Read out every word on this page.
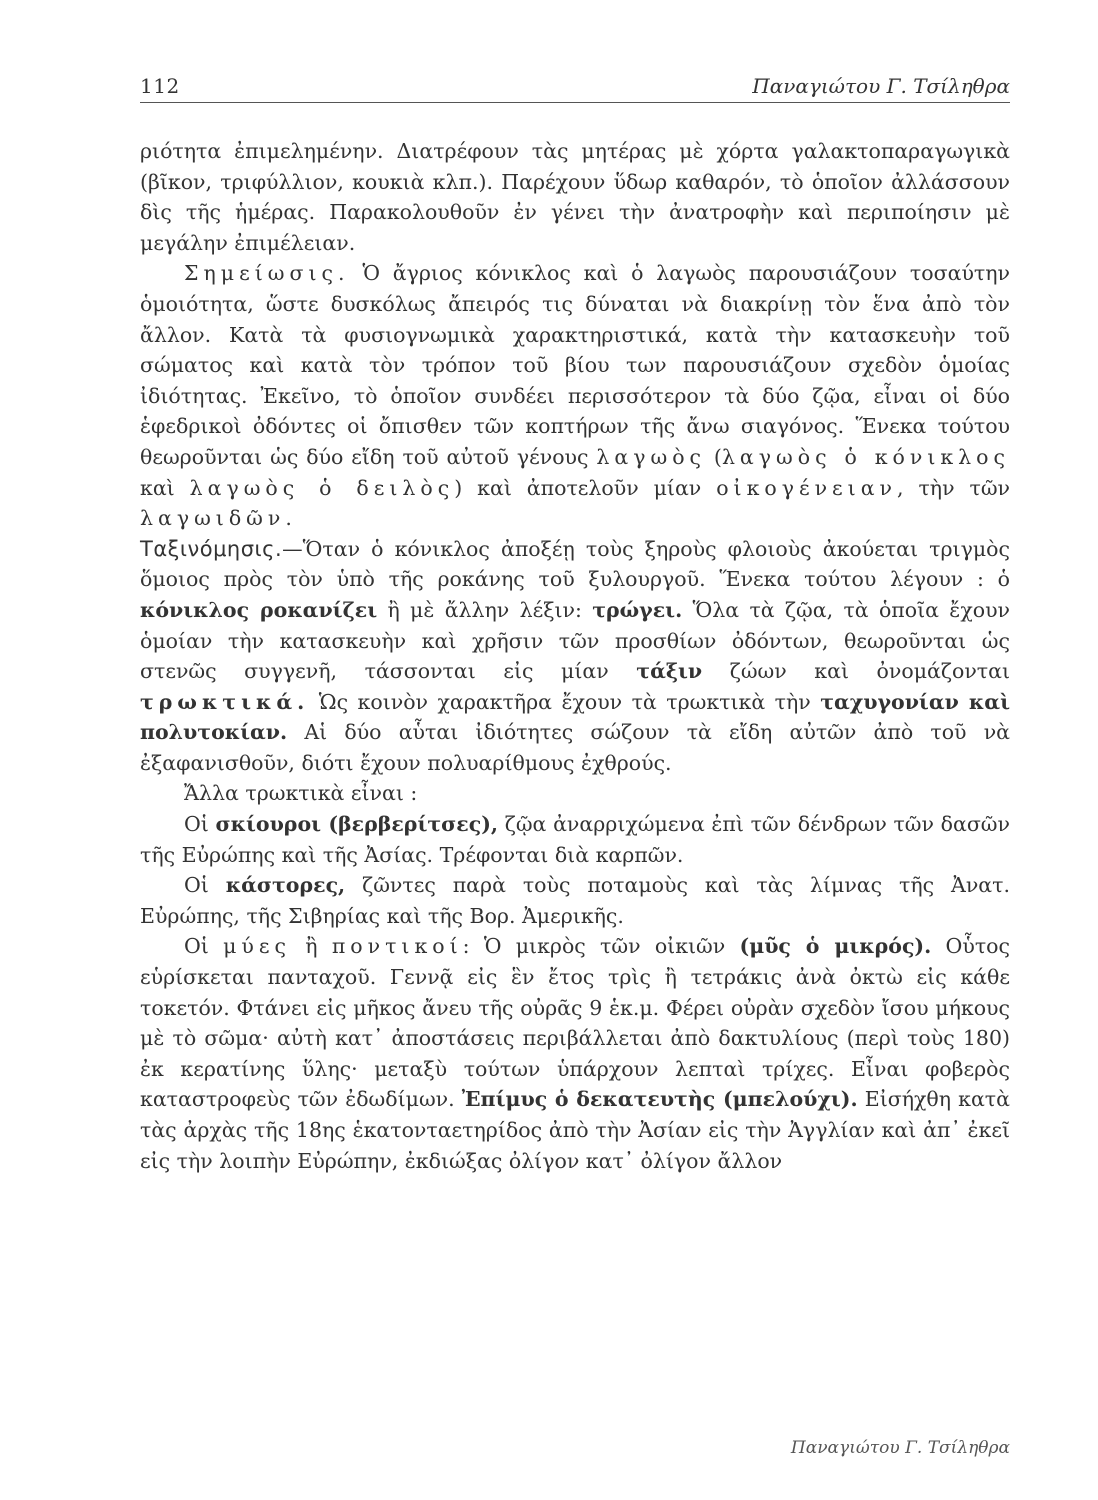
112	Παναγιώτου Γ. Τσίληθρα

ριότητα ἐπιμελημένην. Διατρέφουν τὰς μητέρας μὲ χόρτα γαλακτοπαραγωγικὰ (βῖκον, τριφύλλιον, κουκιὰ κλπ.). Παρέχουν ὕδωρ καθαρόν, τὸ ὁποῖον ἀλλάσσουν δὶς τῆς ἡμέρας. Παρακολουθοῦν ἐν γένει τὴν ἀνατροφὴν καὶ περιποίησιν μὲ μεγάλην ἐπιμέλειαν.

Σημείωσις. Ὁ ἄγριος κόνικλος καὶ ὁ λαγωὸς παρουσιάζουν τοσαύτην ὁμοιότητα, ὥστε δυσκόλως ἄπειρός τις δύναται νὰ διακρίνῃ τὸν ἕνα ἀπὸ τὸν ἄλλον. Κατὰ τὰ φυσιογνωμικὰ χαρακτηριστικά, κατὰ τὴν κατασκευὴν τοῦ σώματος καὶ κατὰ τὸν τρόπον τοῦ βίου των παρουσιάζουν σχεδὸν ὁμοίας ἰδιότητας. Ἐκεῖνο, τὸ ὁποῖον συνδέει περισσότερον τὰ δύο ζῷα, εἶναι οἱ δύο ἑφεδρικοὶ ὀδόντες οἱ ὄπισθεν τῶν κοπτήρων τῆς ἄνω σιαγόνος. Ἕνεκα τούτου θεωροῦνται ὡς δύο εἴδη τοῦ αὐτοῦ γένους λαγωὸς (λαγωὸς ὁ κόνικλος καὶ λαγωὸς ὁ δειλὸς) καὶ ἀποτελοῦν μίαν οἰκογένειαν, τὴν τῶν λαγωιδῶν.

Ταξινόμησις.—Ὅταν ὁ κόνικλος ἀποξέῃ τοὺς ξηροὺς φλοιοὺς ἀκούεται τριγμὸς ὅμοιος πρὸς τὸν ὑπὸ τῆς ροκάνης τοῦ ξυλουργοῦ. Ἕνεκα τούτου λέγουν : ὁ κόνικλος ροκανίζει ἢ μὲ ἄλλην λέξιν: τρώγει. Ὅλα τὰ ζῷα, τὰ ὁποῖα ἔχουν ὁμοίαν τὴν κατασκευὴν καὶ χρῆσιν τῶν προσθίων ὀδόντων, θεωροῦνται ὡς στενῶς συγγενῆ, τάσσονται εἰς μίαν τάξιν ζώων καὶ ὀνομάζονται τρωκτικά. Ὡς κοινὸν χαρακτῆρα ἔχουν τὰ τρωκτικὰ τὴν ταχυγονίαν καὶ πολυτοκίαν. Αἱ δύο αὗται ἰδιότητες σώζουν τὰ εἴδη αὐτῶν ἀπὸ τοῦ νὰ ἐξαφανισθοῦν, διότι ἔχουν πολυαρίθμους ἐχθρούς.

Ἄλλα τρωκτικὰ εἶναι :

Οἱ σκίουροι (βερβερίτσες), ζῷα ἀναρριχώμενα ἐπὶ τῶν δένδρων τῶν δασῶν τῆς Εὐρώπης καὶ τῆς Ἀσίας. Τρέφονται διὰ καρπῶν.

Οἱ κάστορες, ζῶντες παρὰ τοὺς ποταμοὺς καὶ τὰς λίμνας τῆς Ἀνατ. Εὐρώπης, τῆς Σιβηρίας καὶ τῆς Βορ. Ἀμερικῆς.

Οἱ μύες ἢ ποντικοί: Ὁ μικρὸς τῶν οἰκιῶν (μῦς ὁ μικρός). Οὗτος εὑρίσκεται πανταχοῦ. Γεννᾷ εἰς ἓν ἔτος τρὶς ἢ τετράκις ἀνὰ ὀκτὼ εἰς κάθε τοκετόν. Φτάνει εἰς μῆκος ἄνευ τῆς οὐρᾶς 9 ἑκ.μ. Φέρει οὐρὰν σχεδὸν ἴσου μήκους μὲ τὸ σῶμα· αὐτὴ κατ᾽ ἀποστάσεις περιβάλλεται ἀπὸ δακτυλίους (περὶ τοὺς 180) ἐκ κερατίνης ὕλης· μεταξὺ τούτων ὑπάρχουν λεπταὶ τρίχες. Εἶναι φοβερὸς καταστροφεὺς τῶν ἐδωδίμων. Ἐπίμυς ὁ δεκατευτὴς (μπελούχι). Εἰσήχθη κατὰ τὰς ἀρχὰς τῆς 18ης ἑκατονταετηρίδος ἀπὸ τὴν Ἀσίαν εἰς τὴν Ἀγγλίαν καὶ ἀπ᾽ ἐκεῖ εἰς τὴν λοιπὴν Εὐρώπην, ἐκδιώξας ὀλίγον κατ᾽ ὀλίγον ἄλλον

Παναγιώτου Γ. Τσίληθρα
